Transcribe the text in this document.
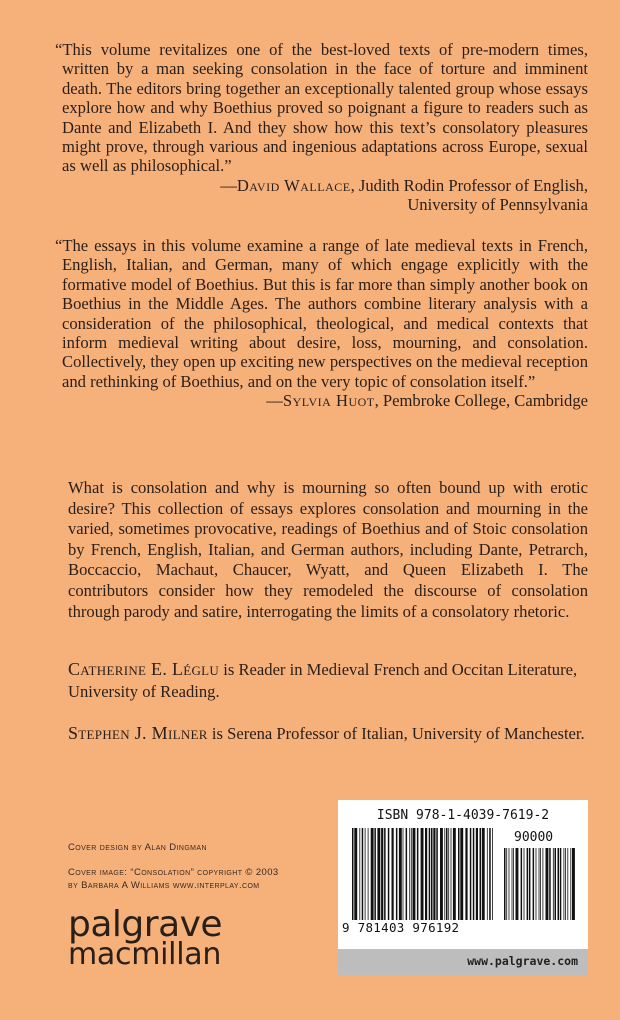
“This volume revitalizes one of the best-loved texts of pre-modern times, written by a man seeking consolation in the face of torture and imminent death. The editors bring together an exceptionally talented group whose essays explore how and why Boethius proved so poignant a figure to readers such as Dante and Elizabeth I. And they show how this text’s consolatory pleasures might prove, through various and ingenious adaptations across Europe, sexual as well as philosophical.”

—David Wallace, Judith Rodin Professor of English,
University of Pennsylvania

“The essays in this volume examine a range of late medieval texts in French, English, Italian, and German, many of which engage explicitly with the formative model of Boethius. But this is far more than simply another book on Boethius in the Middle Ages. The authors combine literary analysis with a consideration of the philosophical, theological, and medical contexts that inform medieval writing about desire, loss, mourning, and consolation. Collectively, they open up exciting new perspectives on the medieval reception and rethinking of Boethius, and on the very topic of consolation itself.”

—Sylvia Huot, Pembroke College, Cambridge
What is consolation and why is mourning so often bound up with erotic desire? This collection of essays explores consolation and mourning in the varied, sometimes provocative, readings of Boethius and of Stoic consolation by French, English, Italian, and German authors, including Dante, Petrarch, Boccaccio, Machaut, Chaucer, Wyatt, and Queen Elizabeth I. The contributors consider how they remodeled the discourse of consolation through parody and satire, interrogating the limits of a consolatory rhetoric.
Catherine E. Léglu is Reader in Medieval French and Occitan Literature, University of Reading.
Stephen J. Milner is Serena Professor of Italian, University of Manchester.
Cover design by Alan Dingman
Cover image: “Consolation” copyright © 2003
by Barbara A Williams www.interplay.com
palgrave
macmillan
ISBN 978-1-4039-7619-2
90000
9 781403 976192
www.palgrave.com
